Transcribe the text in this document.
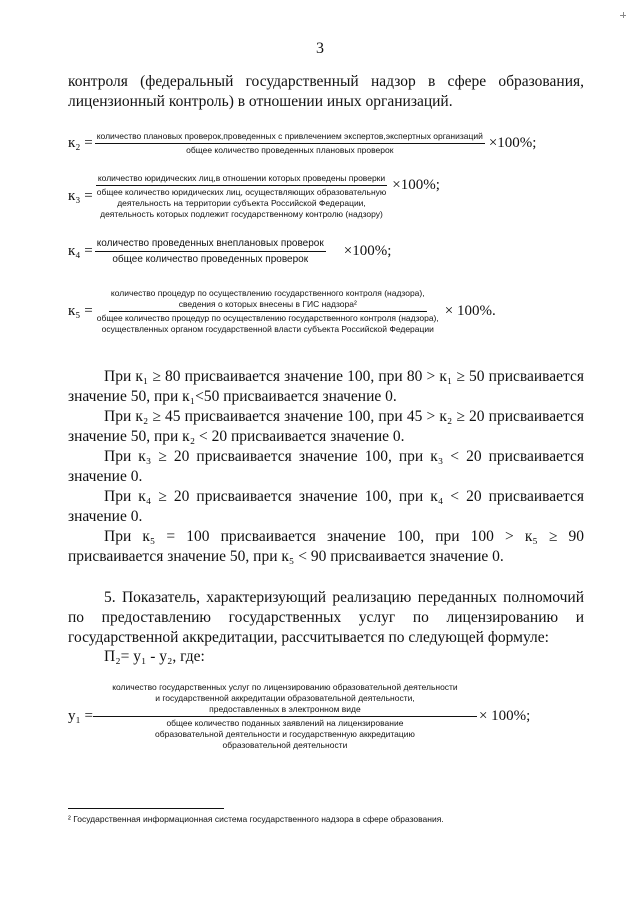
3
контроля (федеральный государственный надзор в сфере образования, лицензионный контроль) в отношении иных организаций.
к₂ = количество плановых проверок,проведенных с привлечением экспертов,экспертных организаций
общее количество проведенных плановых проверок	×100%;
к₃ =
количество юридических лиц,в отношении которых проведены проверки
общее количество юридических лиц, осуществляющих образовательную
деятельность на территории субъекта Российской Федерации,
деятельность которых подлежит государственному контролю (надзору)
×100%;
$к_4 = \frac{\text{количество проведенных внеплановых проверок}}{\text{общее количество проведенных проверок}} \times 100\%$;
к₅ =
количество процедур по осуществлению государственного контроля (надзора),
сведения о которых внесены в ГИС надзора²
общее количество процедур по осуществлению государственного контроля (надзора),
осуществленных органом государственной власти субъекта Российской Федерации
× 100%.
При к₁ ≥ 80 присваивается значение 100, при 80 > к₁ ≥ 50 присваивается значение 50, при к₁<50 присваивается значение 0.
При к₂ ≥ 45 присваивается значение 100, при 45 > к₂ ≥ 20 присваивается значение 50, при к₂ < 20 присваивается значение 0.
При к₃ ≥ 20 присваивается значение 100, при к₃ < 20 присваивается значение 0.
При к₄ ≥ 20 присваивается значение 100, при к₄ < 20 присваивается значение 0.
При к₅ = 100 присваивается значение 100, при 100 > к₅ ≥ 90 присваивается значение 50, при к₅ < 90 присваивается значение 0.
5. Показатель, характеризующий реализацию переданных полномочий по предоставлению государственных услуг по лицензированию и государственной аккредитации, рассчитывается по следующей формуле:
П₂= у₁ - у₂, где:
у₁ =
количество государственных услуг по лицензированию образовательной деятельности
и государственной аккредитации образовательной деятельности,
предоставленных в электронном виде
общее количество поданных заявлений на лицензирование
образовательной деятельности и государственную аккредитацию
образовательной деятельности
× 100%;
² Государственная информационная система государственного надзора в сфере образования.
